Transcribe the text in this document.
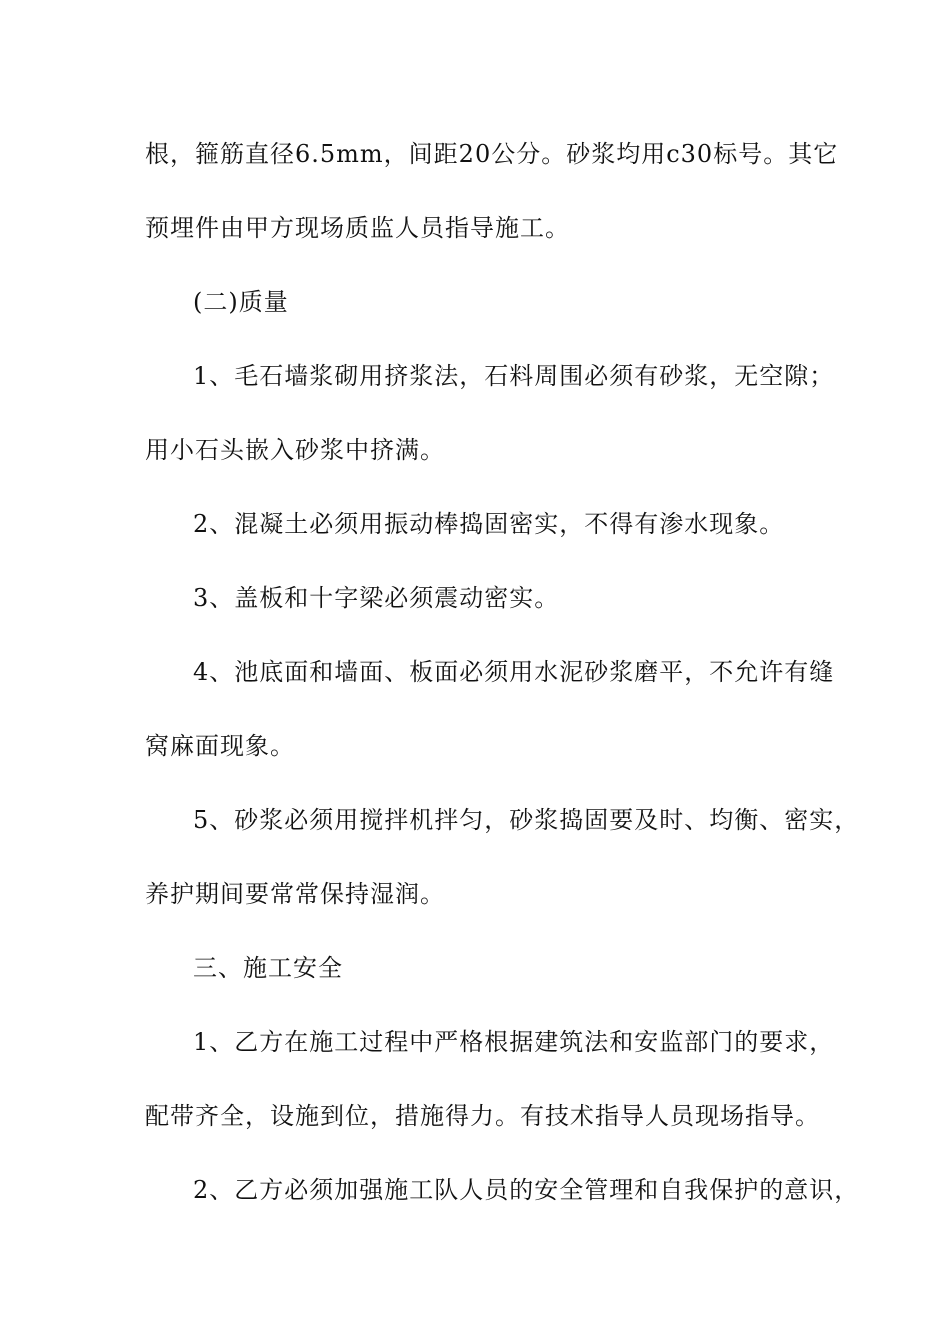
根，箍筋直径6.5mm，间距20公分。砂浆均用c30标号。其它
预埋件由甲方现场质监人员指导施工。
(二)质量
1、毛石墙浆砌用挤浆法，石料周围必须有砂浆，无空隙；
用小石头嵌入砂浆中挤满。
2、混凝土必须用振动棒捣固密实，不得有渗水现象。
3、盖板和十字梁必须震动密实。
4、池底面和墙面、板面必须用水泥砂浆磨平，不允许有缝
窝麻面现象。
5、砂浆必须用搅拌机拌匀，砂浆捣固要及时、均衡、密实，
养护期间要常常保持湿润。
三、施工安全
1、乙方在施工过程中严格根据建筑法和安监部门的要求，
配带齐全，设施到位，措施得力。有技术指导人员现场指导。
2、乙方必须加强施工队人员的安全管理和自我保护的意识，
